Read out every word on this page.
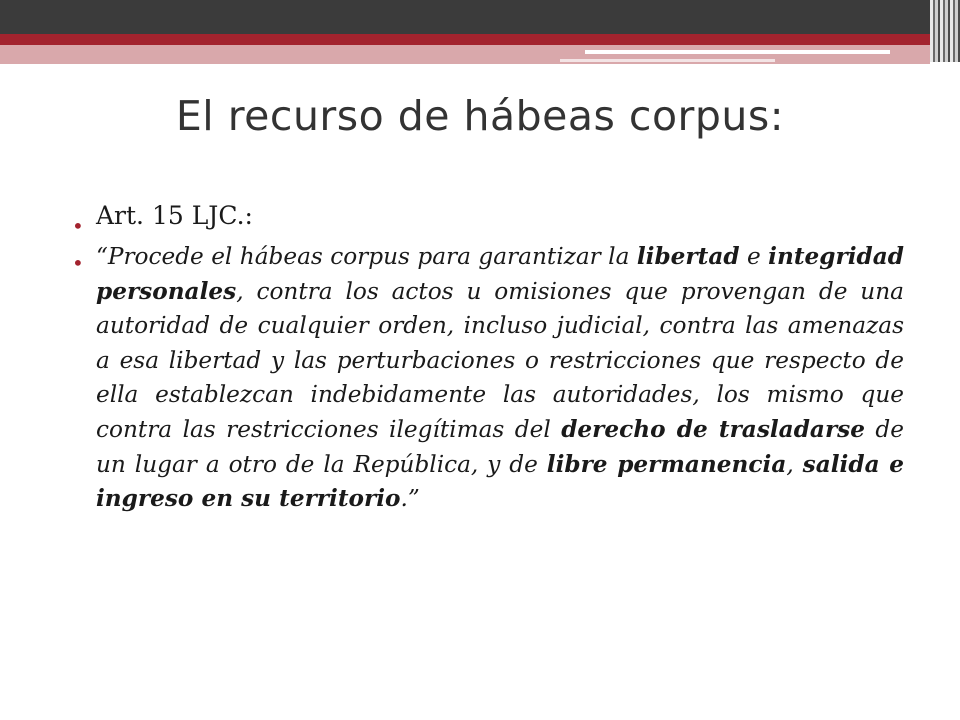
El recurso de hábeas corpus:
• Art. 15 LJC.:
• “Procede el hábeas corpus para garantizar la libertad e integridad personales, contra los actos u omisiones que provengan de una autoridad de cualquier orden, incluso judicial, contra las amenazas a esa libertad y las perturbaciones o restricciones que respecto de ella establezcan indebidamente las autoridades, los mismo que contra las restricciones ilegítimas del derecho de trasladarse de un lugar a otro de la República, y de libre permanencia, salida e ingreso en su territorio.”
